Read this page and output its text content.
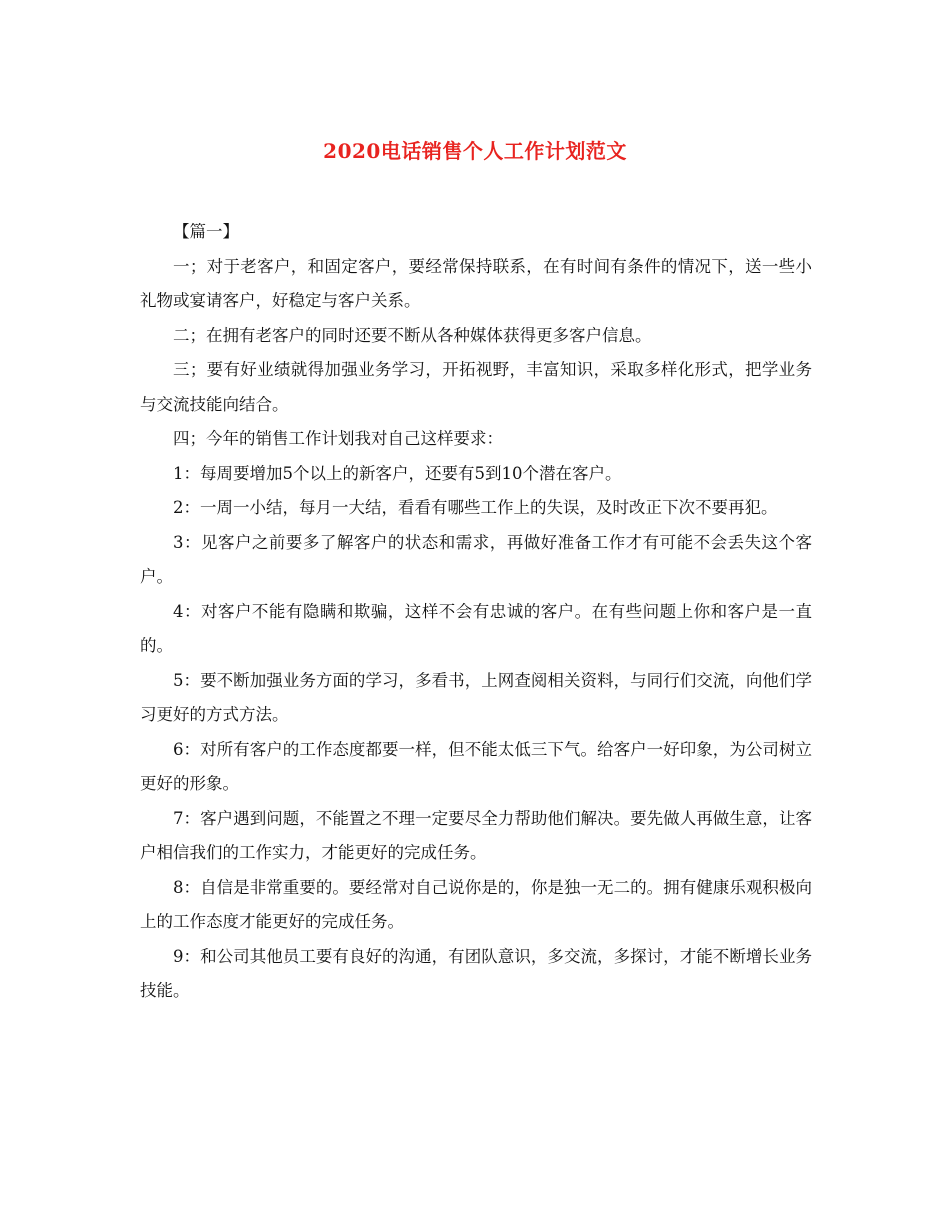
2020电话销售个人工作计划范文

【篇一】

一；对于老客户，和固定客户，要经常保持联系，在有时间有条件的情况下，送一些小礼物或宴请客户，好稳定与客户关系。

二；在拥有老客户的同时还要不断从各种媒体获得更多客户信息。

三；要有好业绩就得加强业务学习，开拓视野，丰富知识，采取多样化形式，把学业务与交流技能向结合。

四；今年的销售工作计划我对自己这样要求：

1：每周要增加5个以上的新客户，还要有5到10个潜在客户。

2：一周一小结，每月一大结，看看有哪些工作上的失误，及时改正下次不要再犯。

3：见客户之前要多了解客户的状态和需求，再做好准备工作才有可能不会丢失这个客户。

4：对客户不能有隐瞒和欺骗，这样不会有忠诚的客户。在有些问题上你和客户是一直的。

5：要不断加强业务方面的学习，多看书，上网查阅相关资料，与同行们交流，向他们学习更好的方式方法。

6：对所有客户的工作态度都要一样，但不能太低三下气。给客户一好印象，为公司树立更好的形象。

7：客户遇到问题，不能置之不理一定要尽全力帮助他们解决。要先做人再做生意，让客户相信我们的工作实力，才能更好的完成任务。

8：自信是非常重要的。要经常对自己说你是的，你是独一无二的。拥有健康乐观积极向上的工作态度才能更好的完成任务。

9：和公司其他员工要有良好的沟通，有团队意识，多交流，多探讨，才能不断增长业务技能。
